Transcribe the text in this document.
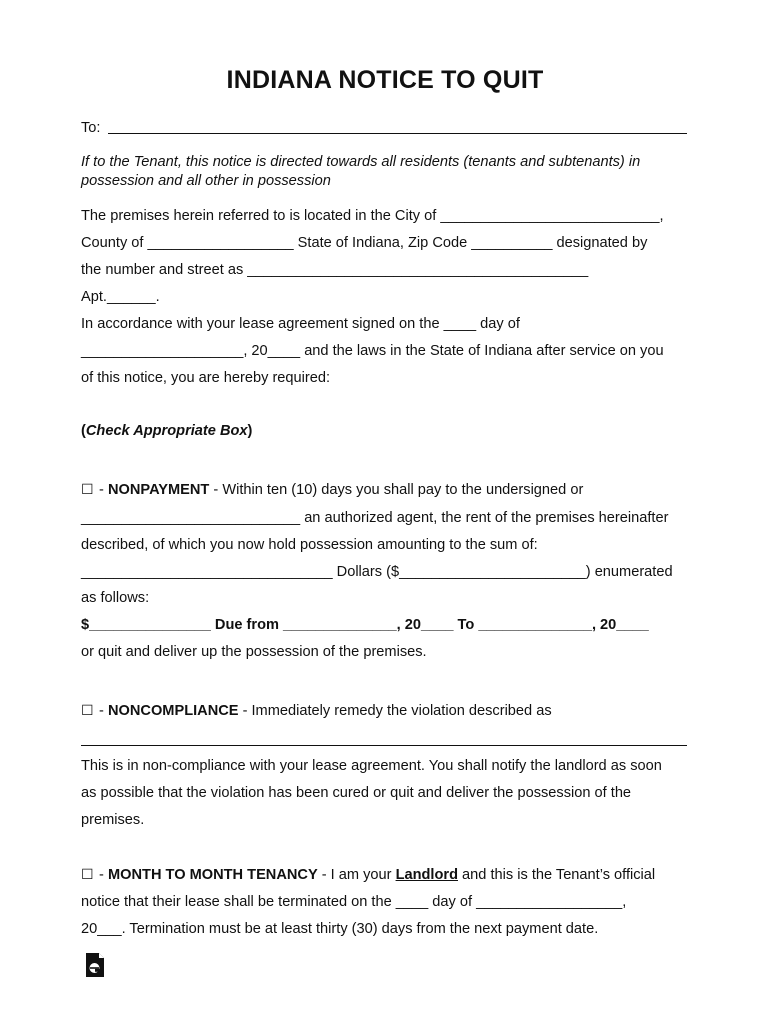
INDIANA NOTICE TO QUIT
To:
If to the Tenant, this notice is directed towards all residents (tenants and subtenants) in
possession and all other in possession
The premises herein referred to is located in the City of ___________________________,
County of __________________ State of Indiana, Zip Code __________ designated by
the number and street as __________________________________________
Apt.______.
In accordance with your lease agreement signed on the ____ day of
____________________, 20____ and the laws in the State of Indiana after service on you
of this notice, you are hereby required:
(Check Appropriate Box)
☐ - NONPAYMENT - Within ten (10) days you shall pay to the undersigned or
___________________________ an authorized agent, the rent of the premises hereinafter
described, of which you now hold possession amounting to the sum of:
_______________________________ Dollars ($_______________________) enumerated
as follows:
$_______________ Due from ______________, 20____ To ______________, 20____
or quit and deliver up the possession of the premises.
☐ - NONCOMPLIANCE - Immediately remedy the violation described as
This is in non-compliance with your lease agreement. You shall notify the landlord as soon
as possible that the violation has been cured or quit and deliver the possession of the
premises.
☐ - MONTH TO MONTH TENANCY - I am your Landlord and this is the Tenant’s official
notice that their lease shall be terminated on the ____ day of __________________,
20___. Termination must be at least thirty (30) days from the next payment date.
